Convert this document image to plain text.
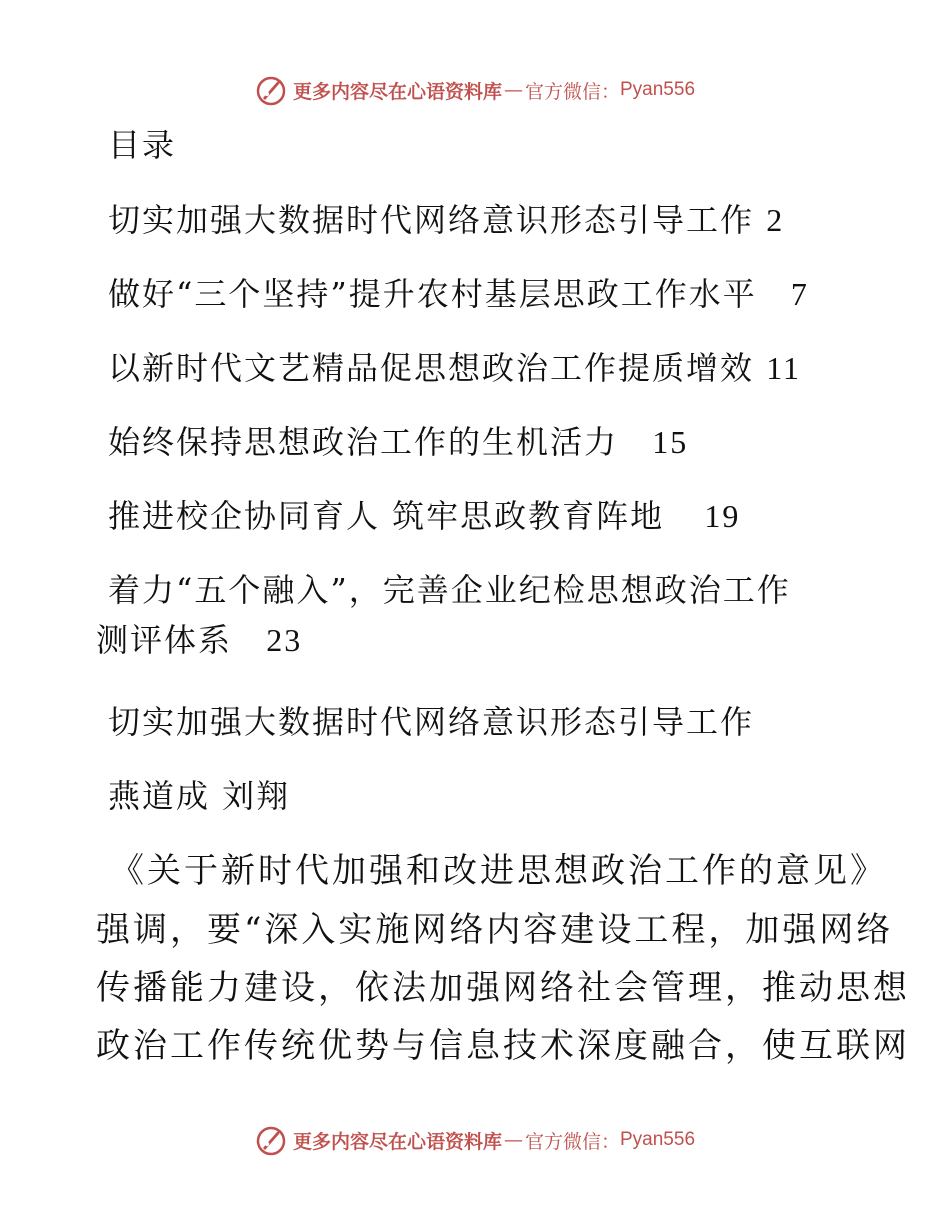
更多内容尽在心语资料库 — 官方微信： Pyan556
目录
切实加强大数据时代网络意识形态引导工作 2
做好“三个坚持”提升农村基层思政工作水平 7
以新时代文艺精品促思想政治工作提质增效 11
始终保持思想政治工作的生机活力 15
推进校企协同育人 筑牢思政教育阵地 19
着力“五个融入”，完善企业纪检思想政治工作
测评体系 23
切实加强大数据时代网络意识形态引导工作
燕道成 刘翔
《关于新时代加强和改进思想政治工作的意见》
强调，要“深入实施网络内容建设工程，加强网络
传播能力建设，依法加强网络社会管理，推动思想
政治工作传统优势与信息技术深度融合，使互联网
更多内容尽在心语资料库 — 官方微信： Pyan556
